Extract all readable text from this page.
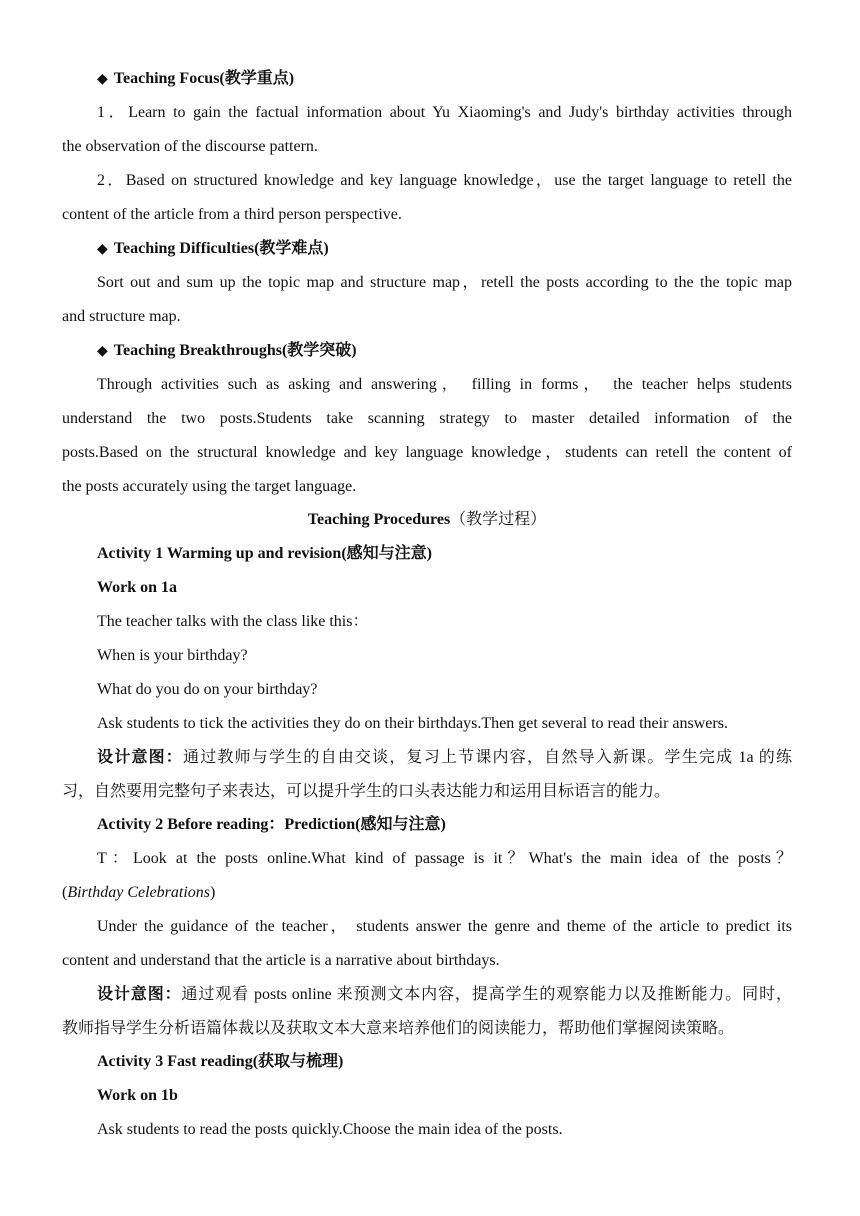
◆ Teaching Focus(教学重点)
1．Learn to gain the factual information about Yu Xiaoming's and Judy's birthday activities through
the observation of the discourse pattern.
2．Based on structured knowledge and key language knowledge，use the target language to retell the
content of the article from a third person perspective.
◆ Teaching Difficulties(教学难点)
Sort out and sum up the topic map and structure map，retell the posts according to the the topic map
and structure map.
◆ Teaching Breakthroughs(教学突破)
Through activities such as asking and answering， filling in forms， the teacher helps students
understand the two posts.Students take scanning strategy to master detailed information of the
posts.Based on the structural knowledge and key language knowledge，students can retell the content of
the posts accurately using the target language.
Teaching Procedures（教学过程）
Activity 1 Warming up and revision(感知与注意)
Work on 1a
The teacher talks with the class like this：
When is your birthday?
What do you do on your birthday?
Ask students to tick the activities they do on their birthdays.Then get several to read their answers.
设计意图：通过教师与学生的自由交谈，复习上节课内容，自然导入新课。学生完成 1a 的练
习，自然要用完整句子来表达，可以提升学生的口头表达能力和运用目标语言的能力。
Activity 2 Before reading：Prediction(感知与注意)
T：Look at the posts online.What kind of passage is it？What's the main idea of the posts？
(Birthday Celebrations)
Under the guidance of the teacher， students answer the genre and theme of the article to predict its
content and understand that the article is a narrative about birthdays.
设计意图：通过观看 posts online 来预测文本内容，提高学生的观察能力以及推断能力。同时，
教师指导学生分析语篇体裁以及获取文本大意来培养他们的阅读能力，帮助他们掌握阅读策略。
Activity 3 Fast reading(获取与梳理)
Work on 1b
Ask students to read the posts quickly.Choose the main idea of the posts.
